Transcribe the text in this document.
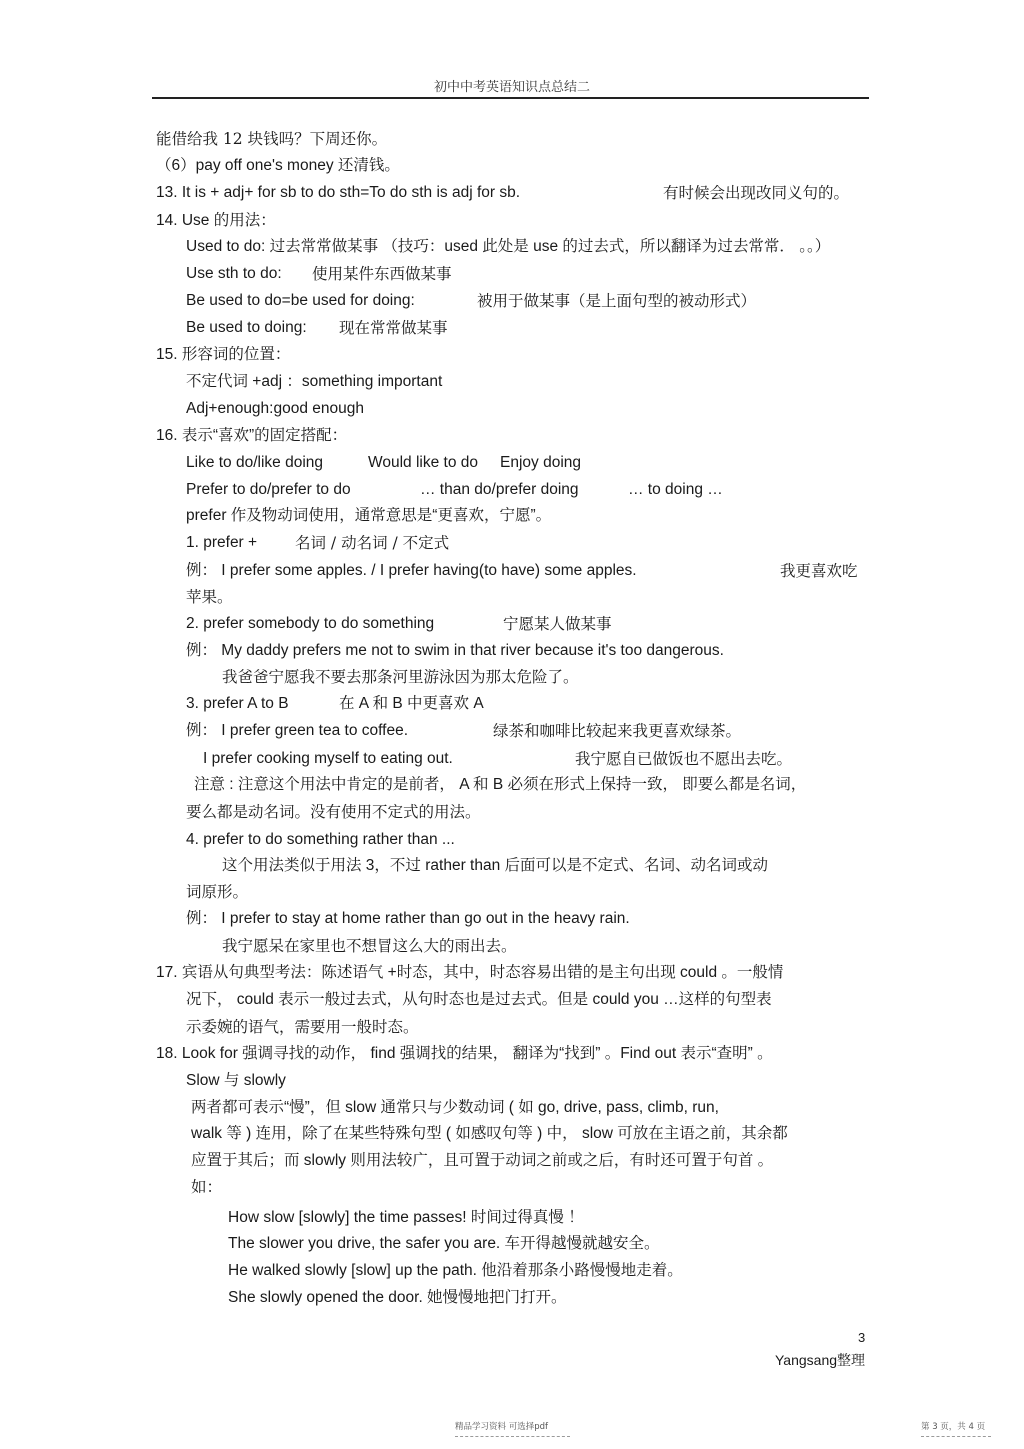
初中中考英语知识点总结二
能借给我 12 块钱吗？下周还你。
（6）pay off one's money 还清钱。
13. It is + adj+ for sb to do sth=To do sth is adj for sb.	有时候会出现改同义句的。
14. Use 的用法：
Used to do: 过去常常做某事 （技巧：used 此处是 use 的过去式，所以翻译为过去常常． 。。）
Use sth to do: 使用某件东西做某事
Be used to do=be used for doing:	被用于做某事（是上面句型的被动形式）
Be used to doing: 现在常常做某事
15. 形容词的位置：
不定代词 +adj ：something important
Adj+enough:good enough
16. 表示“喜欢”的固定搭配：
Like to do/like doing	Would like to do Enjoy doing
Prefer to do/prefer to do	… than do/prefer doing	… to doing …
prefer 作及物动词使用，通常意思是“更喜欢，宁愿”。
1. prefer + 名词 / 动名词 / 不定式
例： I prefer some apples. / I prefer having(to have) some apples.	我更喜欢吃
苹果。
2. prefer somebody to do something	宁愿某人做某事
例： My daddy prefers me not to swim in that river because it's too dangerous.
我爸爸宁愿我不要去那条河里游泳因为那太危险了。
3. prefer A to B	在 A 和 B 中更喜欢 A
例： I prefer green tea to coffee.	绿茶和咖啡比较起来我更喜欢绿茶。
I prefer cooking myself to eating out.	我宁愿自已做饭也不愿出去吃。
注意 : 注意这个用法中肯定的是前者， A 和 B 必须在形式上保持一致， 即要么都是名词，
要么都是动名词。没有使用不定式的用法。
4. prefer to do something rather than ...
这个用法类似于用法 3，不过 rather than 后面可以是不定式、名词、动名词或动
词原形。
例： I prefer to stay at home rather than go out in the heavy rain.
我宁愿呆在家里也不想冒这么大的雨出去。
17. 宾语从句典型考法：陈述语气 +时态，其中，时态容易出错的是主句出现 could 。一般情
况下， could 表示一般过去式，从句时态也是过去式。但是 could you …这样的句型表
示委婉的语气，需要用一般时态。
18. Look for 强调寻找的动作， find 强调找的结果， 翻译为“找到” 。Find out 表示“查明” 。
Slow 与 slowly
两者都可表示“慢”，但 slow 通常只与少数动词 ( 如 go, drive, pass, climb, run,
walk 等 ) 连用，除了在某些特殊句型 ( 如感叹句等 ) 中， slow 可放在主语之前，其余都
应置于其后；而 slowly 则用法较广，且可置于动词之前或之后，有时还可置于句首 。
如：
How slow [slowly] the time passes! 时间过得真慢 ！
The slower you drive, the safer you are. 车开得越慢就越安全。
He walked slowly [slow] up the path. 他沿着那条小路慢慢地走着。
She slowly opened the door. 她慢慢地把门打开。
3
Yangsang整理
精品学习资料 可选择pdf	第 3 页，共 4 页
